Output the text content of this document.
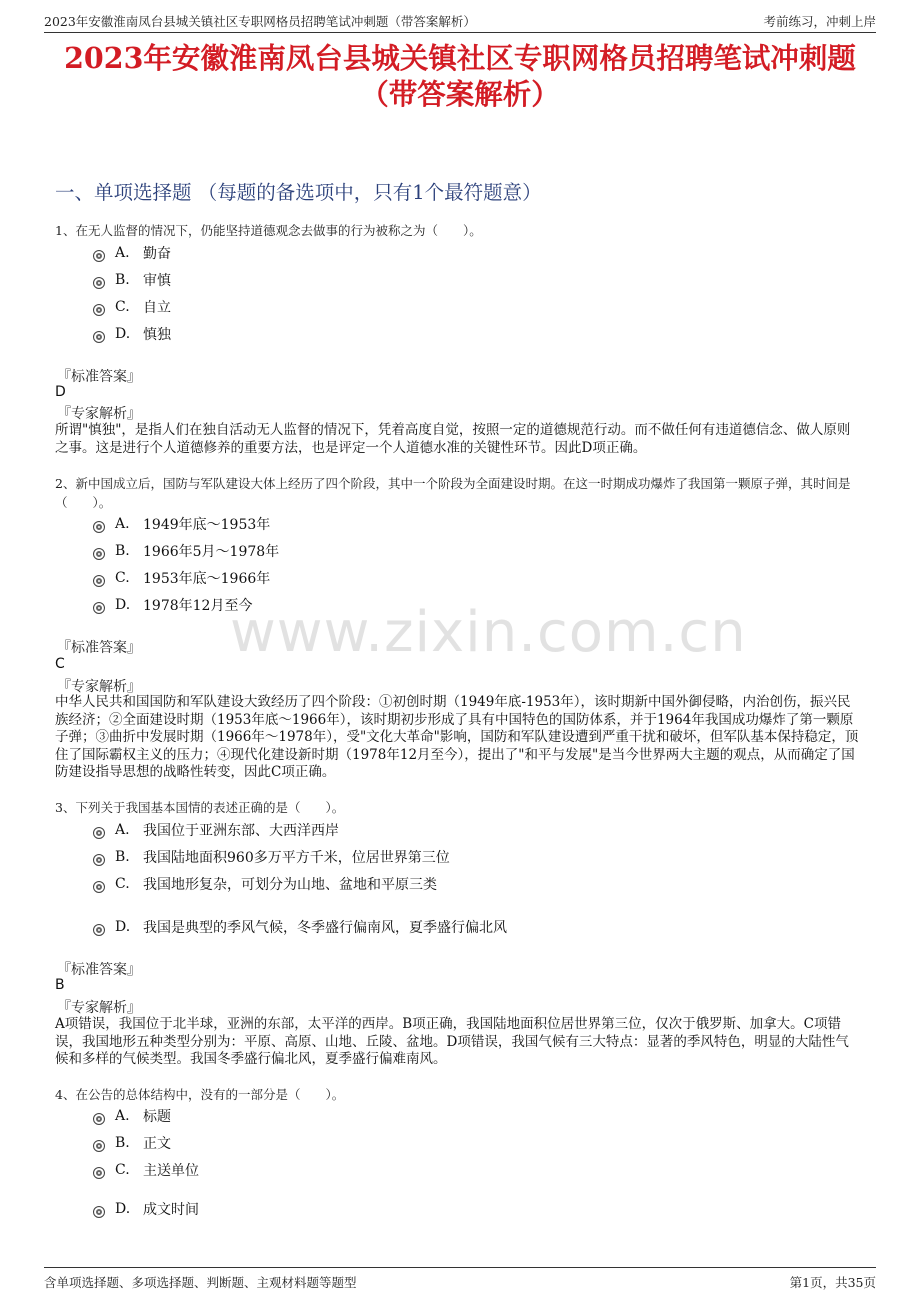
2023年安徽淮南凤台县城关镇社区专职网格员招聘笔试冲刺题（带答案解析）	考前练习，冲刺上岸
2023年安徽淮南凤台县城关镇社区专职网格员招聘笔试冲刺题
（带答案解析）
一、单项选择题 （每题的备选项中，只有1个最符题意）
www.zixin.com.cn
1、在无人监督的情况下，仍能坚持道德观念去做事的行为被称之为（　　）。
A. 勤奋
B. 审慎
C. 自立
D. 慎独
『标准答案』
D
『专家解析』
所谓"慎独"，是指人们在独自活动无人监督的情况下，凭着高度自觉，按照一定的道德规范行动。而不做任何有违道德信念、做人原则之事。这是进行个人道德修养的重要方法，也是评定一个人道德水准的关键性环节。因此D项正确。
2、新中国成立后，国防与军队建设大体上经历了四个阶段，其中一个阶段为全面建设时期。在这一时期成功爆炸了我国第一颗原子弹，其时间是（　　）。
A. 1949年底～1953年
B. 1966年5月～1978年
C. 1953年底～1966年
D. 1978年12月至今
『标准答案』
C
『专家解析』
中华人民共和国国防和军队建设大致经历了四个阶段：①初创时期（1949年底-1953年），该时期新中国外御侵略，内治创伤，振兴民族经济；②全面建设时期（1953年底～1966年），该时期初步形成了具有中国特色的国防体系，并于1964年我国成功爆炸了第一颗原子弹；③曲折中发展时期（1966年～1978年），受"文化大革命"影响，国防和军队建设遭到严重干扰和破坏，但军队基本保持稳定，顶住了国际霸权主义的压力；④现代化建设新时期（1978年12月至今），提出了"和平与发展"是当今世界两大主题的观点，从而确定了国防建设指导思想的战略性转变，因此C项正确。
3、下列关于我国基本国情的表述正确的是（　　）。
A. 我国位于亚洲东部、大西洋西岸
B. 我国陆地面积960多万平方千米，位居世界第三位
C. 我国地形复杂，可划分为山地、盆地和平原三类
D. 我国是典型的季风气候，冬季盛行偏南风，夏季盛行偏北风
『标准答案』
B
『专家解析』
A项错误，我国位于北半球，亚洲的东部，太平洋的西岸。B项正确，我国陆地面积位居世界第三位，仅次于俄罗斯、加拿大。C项错误，我国地形五种类型分别为：平原、高原、山地、丘陵、盆地。D项错误，我国气候有三大特点：显著的季风特色，明显的大陆性气候和多样的气候类型。我国冬季盛行偏北风，夏季盛行偏难南风。
4、在公告的总体结构中，没有的一部分是（　　）。
A. 标题
B. 正文
C. 主送单位
D. 成文时间
含单项选择题、多项选择题、判断题、主观材料题等题型	第1页，共35页
